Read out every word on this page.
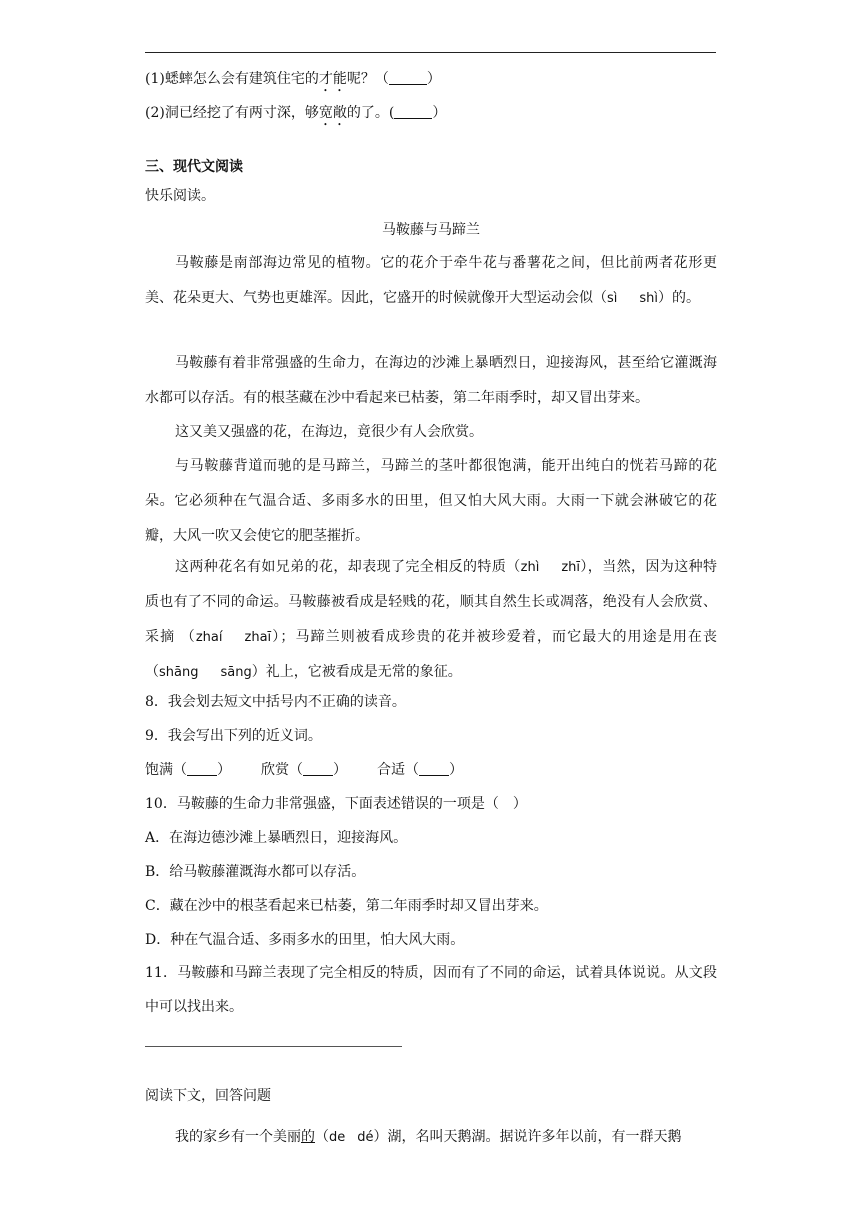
(1)蟋蟀怎么会有建筑住宅的才能呢？（	）
(2)洞已经挖了有两寸深，够宽敞的了。(	）
三、现代文阅读
快乐阅读。
马鞍藤与马蹄兰
马鞍藤是南部海边常见的植物。它的花介于牵牛花与番薯花之间，但比前两者花形更美、花朵更大、气势也更雄浑。因此，它盛开的时候就像开大型运动会似（sì shì）的。
马鞍藤有着非常强盛的生命力，在海边的沙滩上暴晒烈日，迎接海风，甚至给它灌溉海水都可以存活。有的根茎藏在沙中看起来已枯萎，第二年雨季时，却又冒出芽来。
这又美又强盛的花，在海边，竟很少有人会欣赏。
与马鞍藤背道而驰的是马蹄兰，马蹄兰的茎叶都很饱满，能开出纯白的恍若马蹄的花朵。它必须种在气温合适、多雨多水的田里，但又怕大风大雨。大雨一下就会淋破它的花瓣，大风一吹又会使它的肥茎摧折。
这两种花名有如兄弟的花，却表现了完全相反的特质（zhì zhī），当然，因为这种特质也有了不同的命运。马鞍藤被看成是轻贱的花，顺其自然生长或凋落，绝没有人会欣赏、采摘 （zhaí zhaī）；马蹄兰则被看成珍贵的花并被珍爱着，而它最大的用途是用在丧（shāng sāng）礼上，它被看成是无常的象征。
8．我会划去短文中括号内不正确的读音。
9．我会写出下列的近义词。
饱满（ ） 欣赏（ ） 合适（ ）
10．马鞍藤的生命力非常强盛，下面表述错误的一项是（　）
A．在海边德沙滩上暴晒烈日，迎接海风。
B．给马鞍藤灌溉海水都可以存活。
C．藏在沙中的根茎看起来已枯萎，第二年雨季时却又冒出芽来。
D．种在气温合适、多雨多水的田里，怕大风大雨。
11．马鞍藤和马蹄兰表现了完全相反的特质，因而有了不同的命运，试着具体说说。从文段中可以找出来。
阅读下文，回答问题
我的家乡有一个美丽的（de dé）湖，名叫天鹅湖。据说许多年以前，有一群天鹅
